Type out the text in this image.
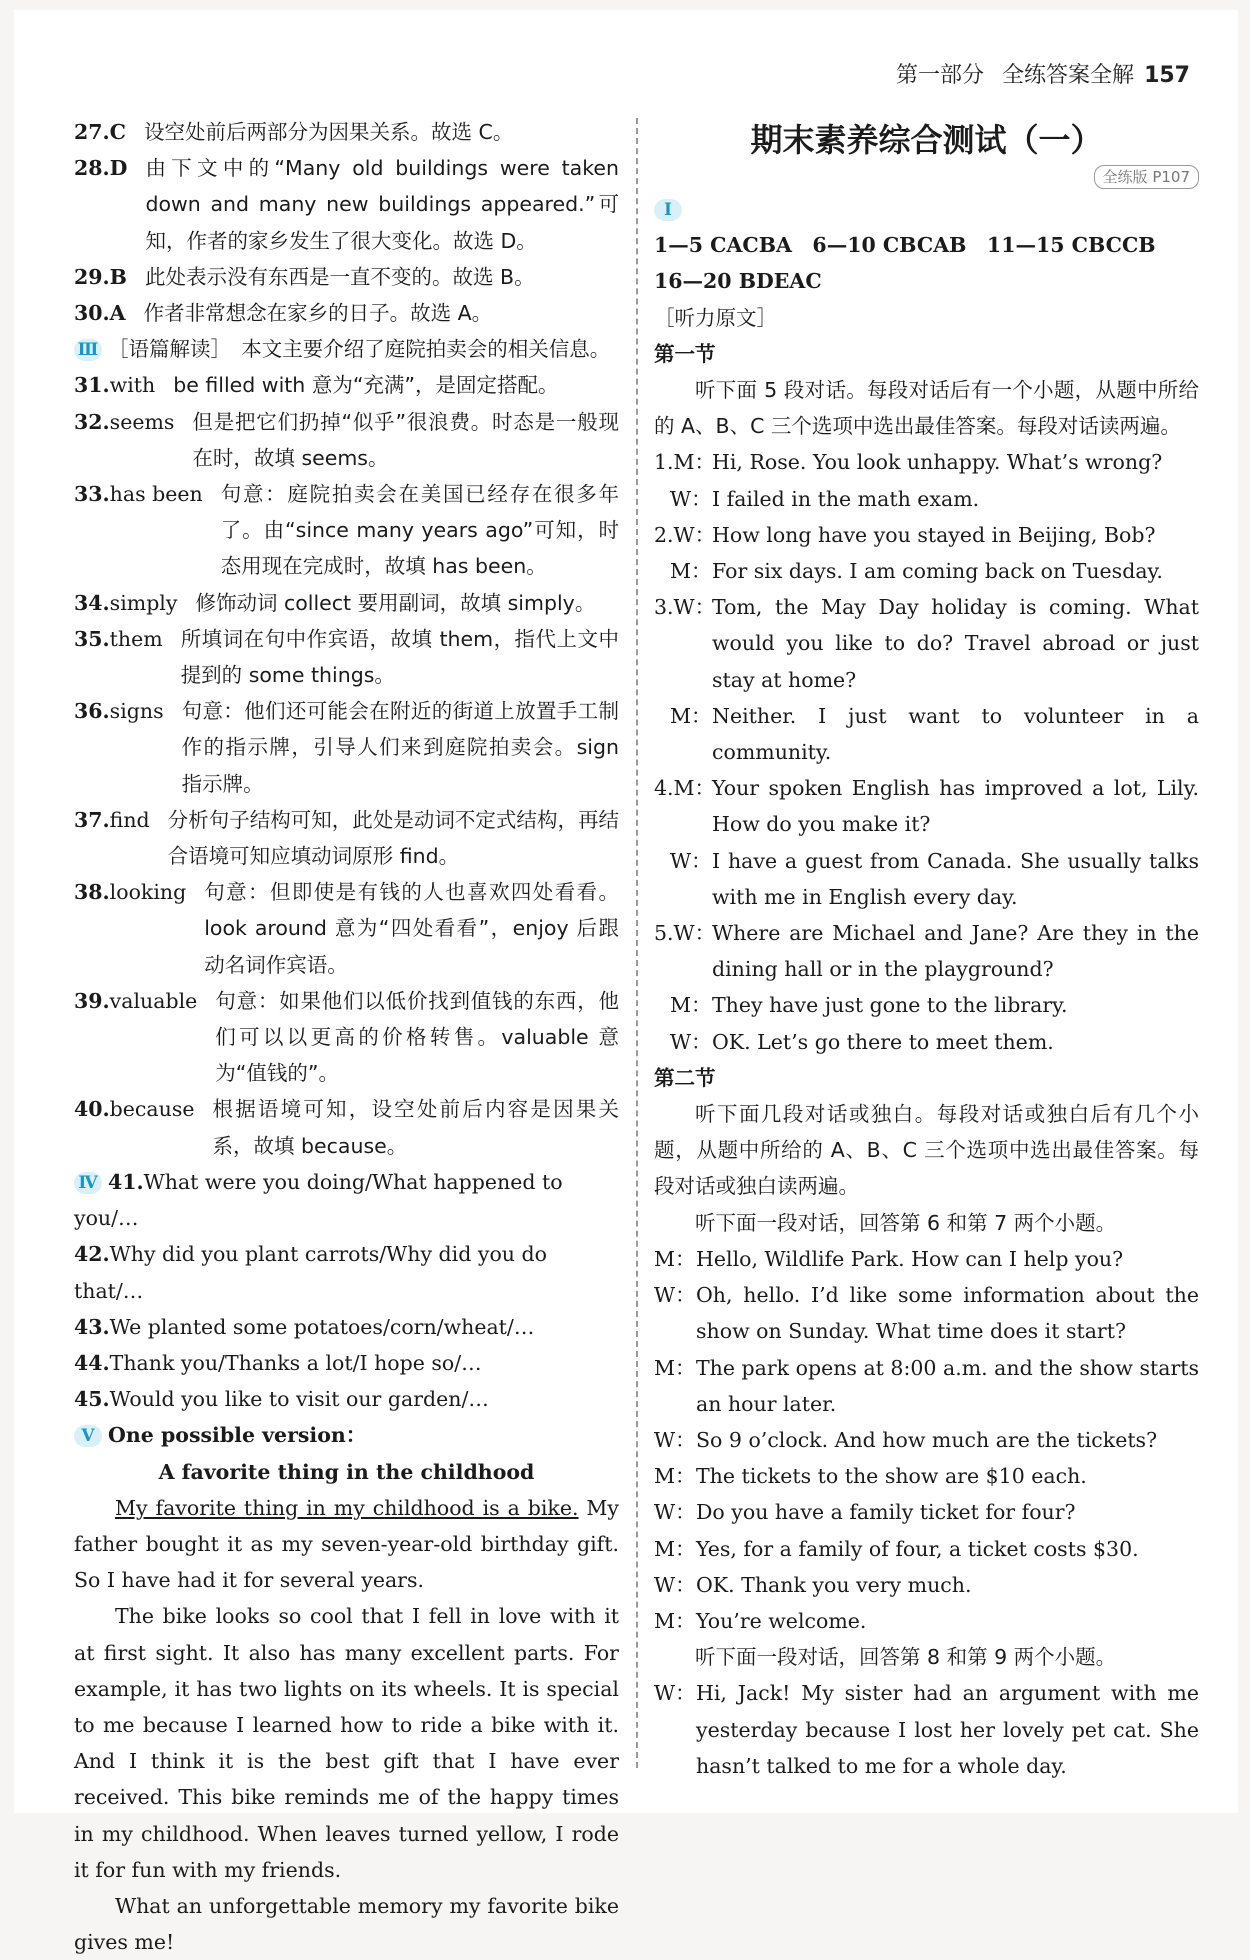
第一部分 全练答案全解 157
27. C 设空处前后两部分为因果关系。故选 C。
28. D 由下文中的“Many old buildings were taken down and many new buildings appeared.”可知，作者的家乡发生了很大变化。故选 D。
29. B 此处表示没有东西是一直不变的。故选 B。
30. A 作者非常想念在家乡的日子。故选 A。
Ⅲ ［语篇解读］　 本文主要介绍了庭院拍卖会的相关信息。
31. with be filled with 意为“充满”，是固定搭配。
32. seems 但是把它们扔掉“似乎”很浪费。时态是一般现在时，故填 seems。
33. has been 句意：庭院拍卖会在美国已经存在很多年了。由“since many years ago”可知，时态用现在完成时，故填 has been。
34. simply 修饰动词 collect 要用副词，故填 simply。
35. them 所填词在句中作宾语，故填 them，指代上文中提到的 some things。
36. signs 句意：他们还可能会在附近的街道上放置手工制作的指示牌，引导人们来到庭院拍卖会。sign 指示牌。
37. find 分析句子结构可知，此处是动词不定式结构，再结合语境可知应填动词原形 find。
38. looking 句意：但即使是有钱的人也喜欢四处看看。look around 意为“四处看看”，enjoy 后跟动名词作宾语。
39. valuable 句意：如果他们以低价找到值钱的东西，他们可以以更高的价格转售。valuable 意为“值钱的”。
40. because 根据语境可知，设空处前后内容是因果关系，故填 because。
Ⅳ 41.What were you doing/What happened to you/…
42.Why did you plant carrots/Why did you do that/…
43.We planted some potatoes/corn/wheat/…
44.Thank you/Thanks a lot/I hope so/…
45.Would you like to visit our garden/…
Ⅴ One possible version：
A favorite thing in the childhood
My favorite thing in my childhood is a bike. My father bought it as my seven-year-old birthday gift. So I have had it for several years.
The bike looks so cool that I fell in love with it at first sight. It also has many excellent parts. For example, it has two lights on its wheels. It is special to me because I learned how to ride a bike with it. And I think it is the best gift that I have ever received. This bike reminds me of the happy times in my childhood. When leaves turned yellow, I rode it for fun with my friends.
What an unforgettable memory my favorite bike gives me!
期末素养综合测试（一）
全练版 P107
Ⅰ
1—5 CACBA　6—10 CBCAB　11—15 CBCCB
16—20 BDEAC
［听力原文］
第一节
听下面 5 段对话。每段对话后有一个小题，从题中所给的 A、B、C 三个选项中选出最佳答案。每段对话读两遍。
1.M：
Hi, Rose. You look unhappy. What’s wrong?
W： I failed in the math exam.
2.W：
How long have you stayed in Beijing, Bob?
M： For six days. I am coming back on Tuesday.
3.W：
Tom, the May Day holiday is coming. What would you like to do? Travel abroad or just stay at home?
M： Neither. I just want to volunteer in a community.
4.M：
Your spoken English has improved a lot, Lily. How do you make it?
W： I have a guest from Canada. She usually talks with me in English every day.
5.W：
Where are Michael and Jane? Are they in the dining hall or in the playground?
M： They have just gone to the library.
W： OK. Let’s go there to meet them.
第二节
听下面几段对话或独白。每段对话或独白后有几个小题，从题中所给的 A、B、C 三个选项中选出最佳答案。每段对话或独白读两遍。
听下面一段对话，回答第 6 和第 7 两个小题。
M： Hello, Wildlife Park. How can I help you?
W： Oh, hello. I’d like some information about the show on Sunday. What time does it start?
M： The park opens at 8:00 a.m. and the show starts an hour later.
W： So 9 o’clock. And how much are the tickets?
M： The tickets to the show are $10 each.
W： Do you have a family ticket for four?
M： Yes, for a family of four, a ticket costs $30.
W： OK. Thank you very much.
M： You’re welcome.
听下面一段对话，回答第 8 和第 9 两个小题。
W： Hi, Jack! My sister had an argument with me yesterday because I lost her lovely pet cat. She hasn’t talked to me for a whole day.
